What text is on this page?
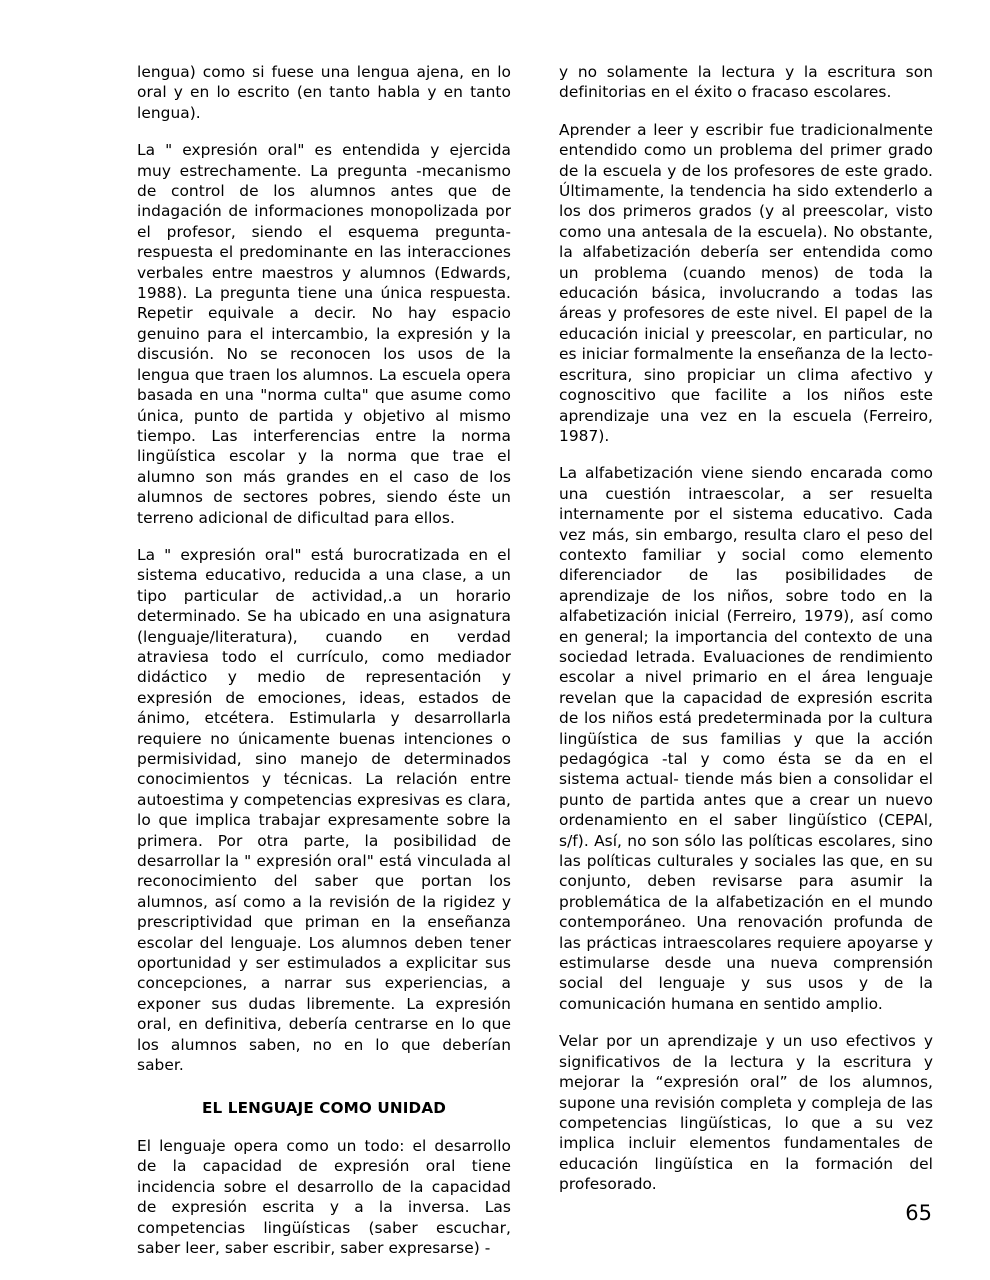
lengua) como si fuese una lengua ajena, en lo oral y en lo escrito (en tanto habla y en tanto lengua).

La " expresión oral" es entendida y ejercida muy estrechamente. La pregunta -mecanismo de control de los alumnos antes que de indagación de informaciones monopolizada por el profesor, siendo el esquema pregunta-respuesta el predominante en las interacciones verbales entre maestros y alumnos (Edwards, 1988). La pregunta tiene una única respuesta. Repetir equivale a decir. No hay espacio genuino para el intercambio, la expresión y la discusión. No se reconocen los usos de la lengua que traen los alumnos. La escuela opera basada en una "norma culta" que asume como única, punto de partida y objetivo al mismo tiempo. Las interferencias entre la norma lingüística escolar y la norma que trae el alumno son más grandes en el caso de los alumnos de sectores pobres, siendo éste un terreno adicional de dificultad para ellos.

La " expresión oral" está burocratizada en el sistema educativo, reducida a una clase, a un tipo particular de actividad,.a un horario determinado. Se ha ubicado en una asignatura (lenguaje/literatura), cuando en verdad atraviesa todo el currículo, como mediador didáctico y medio de representación y expresión de emociones, ideas, estados de ánimo, etcétera. Estimularla y desarrollarla requiere no únicamente buenas intenciones o permisividad, sino manejo de determinados conocimientos y técnicas. La relación entre autoestima y competencias expresivas es clara, lo que implica trabajar expresamente sobre la primera. Por otra parte, la posibilidad de desarrollar la " expresión oral" está vinculada al reconocimiento del saber que portan los alumnos, así como a la revisión de la rigidez y prescriptividad que priman en la enseñanza escolar del lenguaje. Los alumnos deben tener oportunidad y ser estimulados a explicitar sus concepciones, a narrar sus experiencias, a exponer sus dudas libremente. La expresión oral, en definitiva, debería centrarse en lo que los alumnos saben, no en lo que deberían saber.

EL LENGUAJE COMO UNIDAD

El lenguaje opera como un todo: el desarrollo de la capacidad de expresión oral tiene incidencia sobre el desarrollo de la capacidad de expresión escrita y a la inversa. Las competencias lingüísticas (saber escuchar, saber leer, saber escribir, saber expresarse) -

y no solamente la lectura y la escritura son definitorias en el éxito o fracaso escolares.

Aprender a leer y escribir fue tradicionalmente entendido como un problema del primer grado de la escuela y de los profesores de este grado. Últimamente, la tendencia ha sido extenderlo a los dos primeros grados (y al preescolar, visto como una antesala de la escuela). No obstante, la alfabetización debería ser entendida como un problema (cuando menos) de toda la educación básica, involucrando a todas las áreas y profesores de este nivel. El papel de la educación inicial y preescolar, en particular, no es iniciar formalmente la enseñanza de la lecto-escritura, sino propiciar un clima afectivo y cognoscitivo que facilite a los niños este aprendizaje una vez en la escuela (Ferreiro, 1987).

La alfabetización viene siendo encarada como una cuestión intraescolar, a ser resuelta internamente por el sistema educativo. Cada vez más, sin embargo, resulta claro el peso del contexto familiar y social como elemento diferenciador de las posibilidades de aprendizaje de los niños, sobre todo en la alfabetización inicial (Ferreiro, 1979), así como en general; la importancia del contexto de una sociedad letrada. Evaluaciones de rendimiento escolar a nivel primario en el área lenguaje revelan que la capacidad de expresión escrita de los niños está predeterminada por la cultura lingüística de sus familias y que la acción pedagógica -tal y como ésta se da en el sistema actual- tiende más bien a consolidar el punto de partida antes que a crear un nuevo ordenamiento en el saber lingüístico (CEPAl, s/f). Así, no son sólo las políticas escolares, sino las políticas culturales y sociales las que, en su conjunto, deben revisarse para asumir la problemática de la alfabetización en el mundo contemporáneo. Una renovación profunda de las prácticas intraescolares requiere apoyarse y estimularse desde una nueva comprensión social del lenguaje y sus usos y de la comunicación humana en sentido amplio.

Velar por un aprendizaje y un uso efectivos y significativos de la lectura y la escritura y mejorar la “expresión oral” de los alumnos, supone una revisión completa y compleja de las competencias lingüísticas, lo que a su vez implica incluir elementos fundamentales de educación lingüística en la formación del profesorado.

65
